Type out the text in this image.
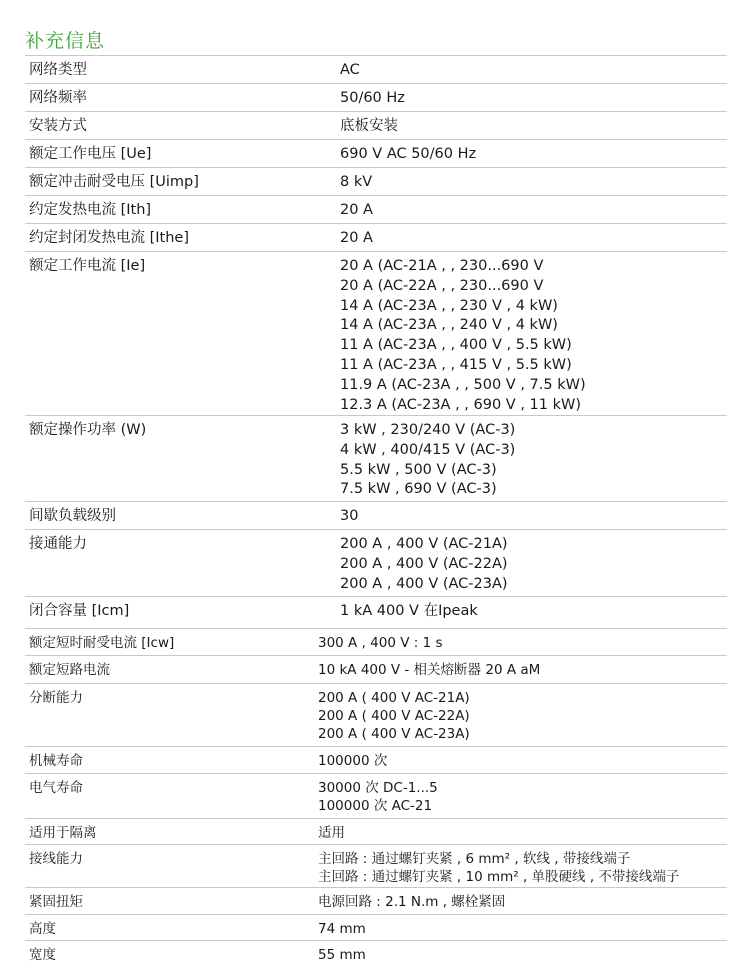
补充信息
网络类型	AC
网络频率	50/60 Hz
安装方式	底板安装
额定工作电压 [Ue]	690 V AC 50/60 Hz
额定冲击耐受电压 [Uimp]	8 kV
约定发热电流 [Ith]	20 A
约定封闭发热电流 [Ithe]	20 A
额定工作电流 [Ie]	20 A (AC-21A , , 230...690 V
20 A (AC-22A , , 230...690 V
14 A (AC-23A , , 230 V , 4 kW)
14 A (AC-23A , , 240 V , 4 kW)
11 A (AC-23A , , 400 V , 5.5 kW)
11 A (AC-23A , , 415 V , 5.5 kW)
11.9 A (AC-23A , , 500 V , 7.5 kW)
12.3 A (AC-23A , , 690 V , 11 kW)
额定操作功率 (W)	3 kW , 230/240 V (AC-3)
4 kW , 400/415 V (AC-3)
5.5 kW , 500 V (AC-3)
7.5 kW , 690 V (AC-3)
间歇负载级别	30
接通能力	200 A , 400 V (AC-21A)
200 A , 400 V (AC-22A)
200 A , 400 V (AC-23A)
闭合容量 [Icm]	1 kA 400 V 在Ipeak
额定短时耐受电流 [Icw]	300 A , 400 V : 1 s
额定短路电流	10 kA 400 V - 相关熔断器 20 A aM
分断能力	200 A ( 400 V AC-21A)
200 A ( 400 V AC-22A)
200 A ( 400 V AC-23A)
机械寿命	100000 次
电气寿命	30000 次 DC-1...5
100000 次 AC-21
适用于隔离	适用
接线能力	主回路 : 通过螺钉夹紧 , 6 mm² , 软线 , 带接线端子
主回路 : 通过螺钉夹紧 , 10 mm² , 单股硬线 , 不带接线端子
紧固扭矩	电源回路 : 2.1 N.m , 螺栓紧固
高度	74 mm
宽度	55 mm
